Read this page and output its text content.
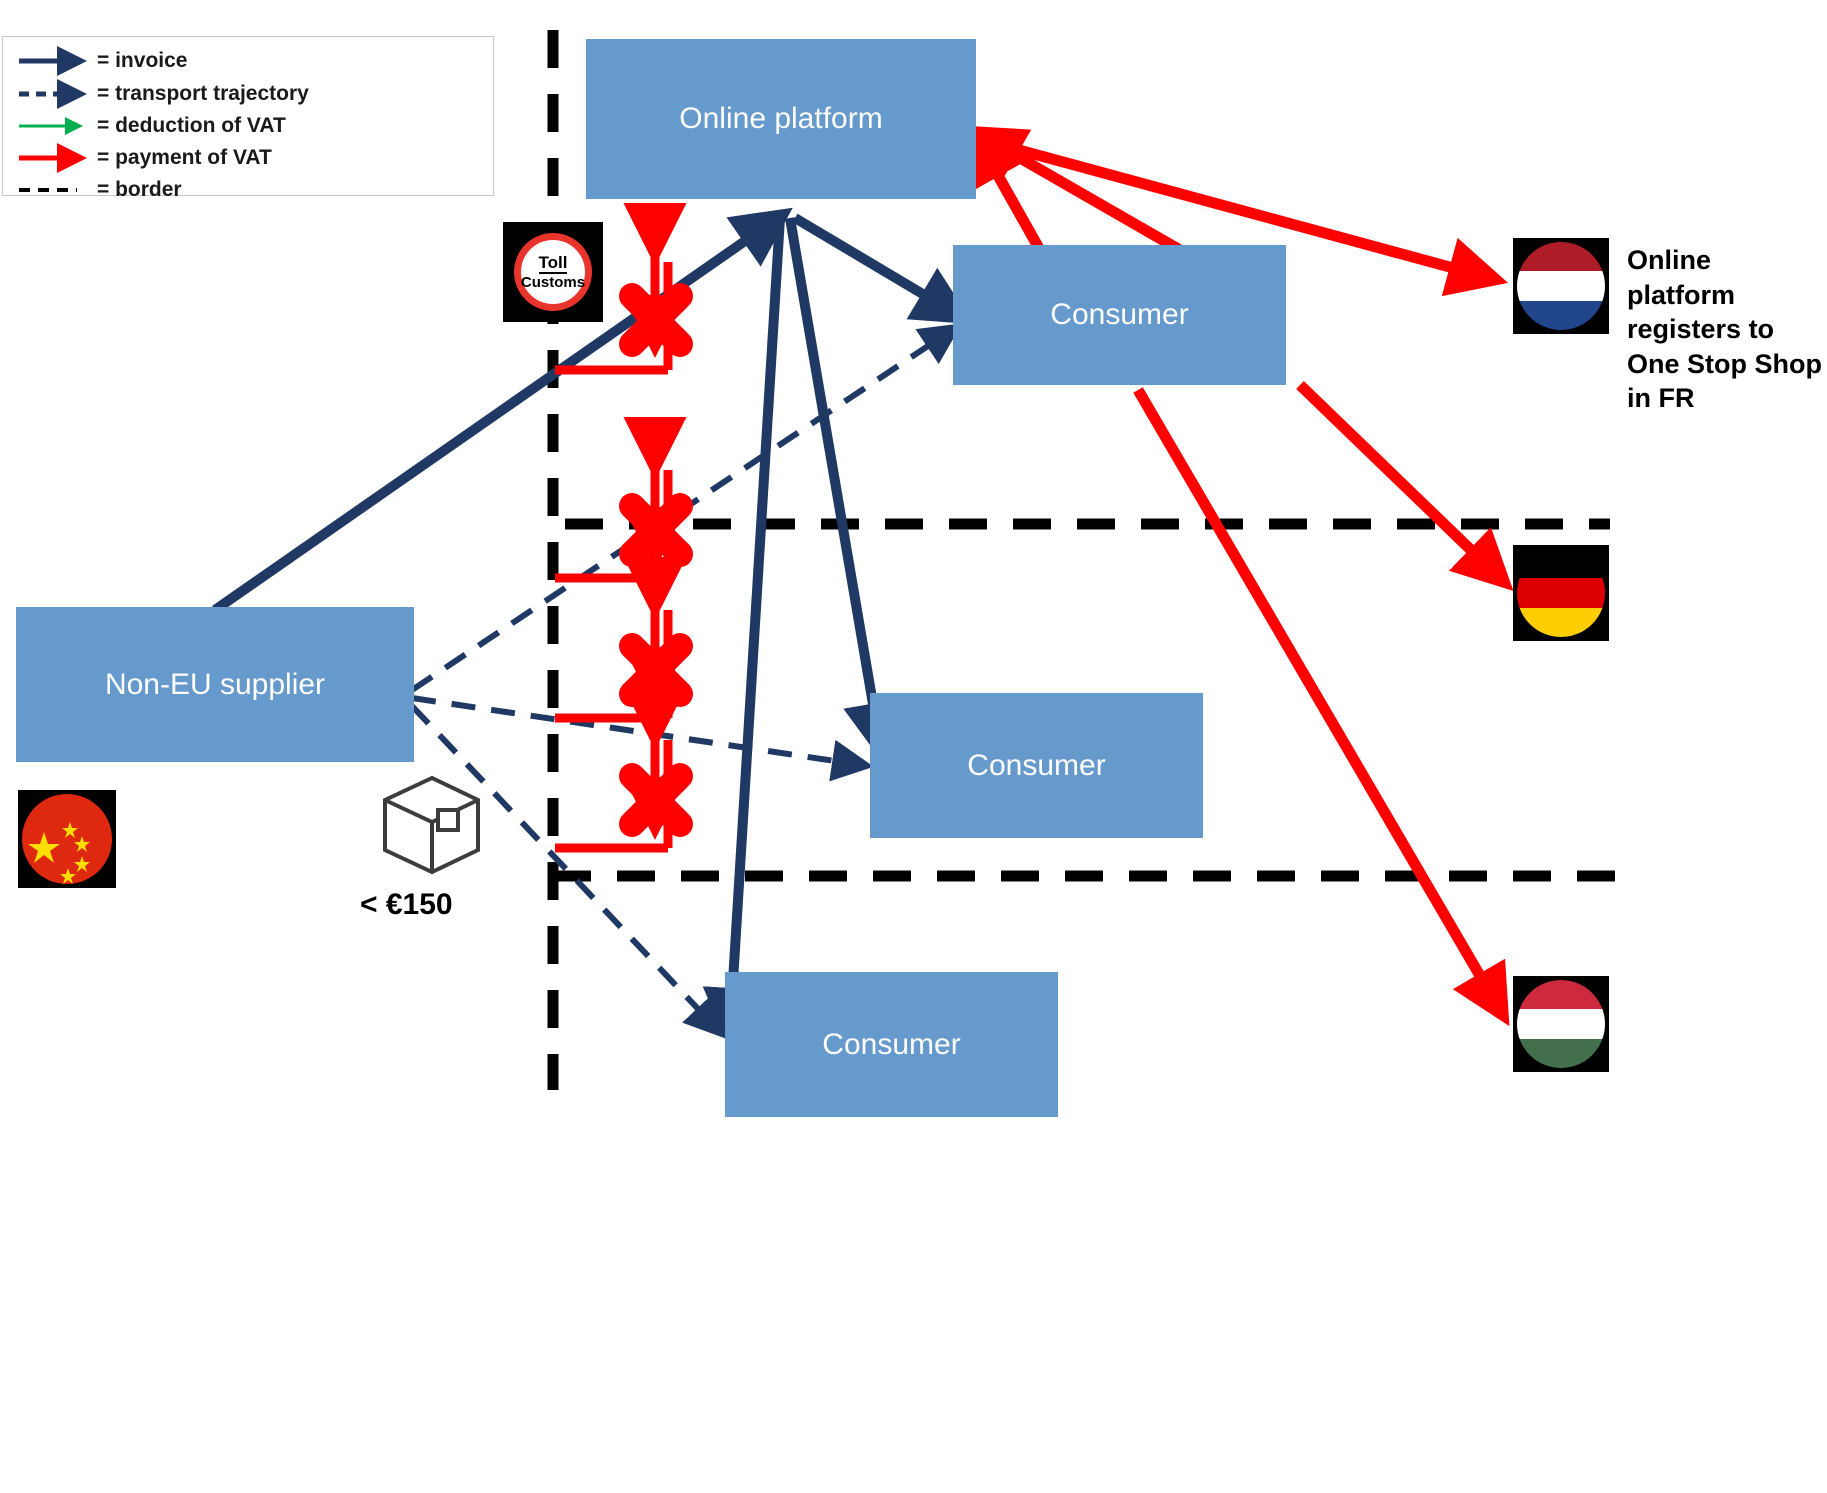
= invoice
= transport trajectory
= deduction of VAT
= payment of VAT
= border
Online platform
Consumer
Consumer
Consumer
Non-EU supplier
Toll
Customs
< €150
Online platform registers to One Stop Shop in FR
